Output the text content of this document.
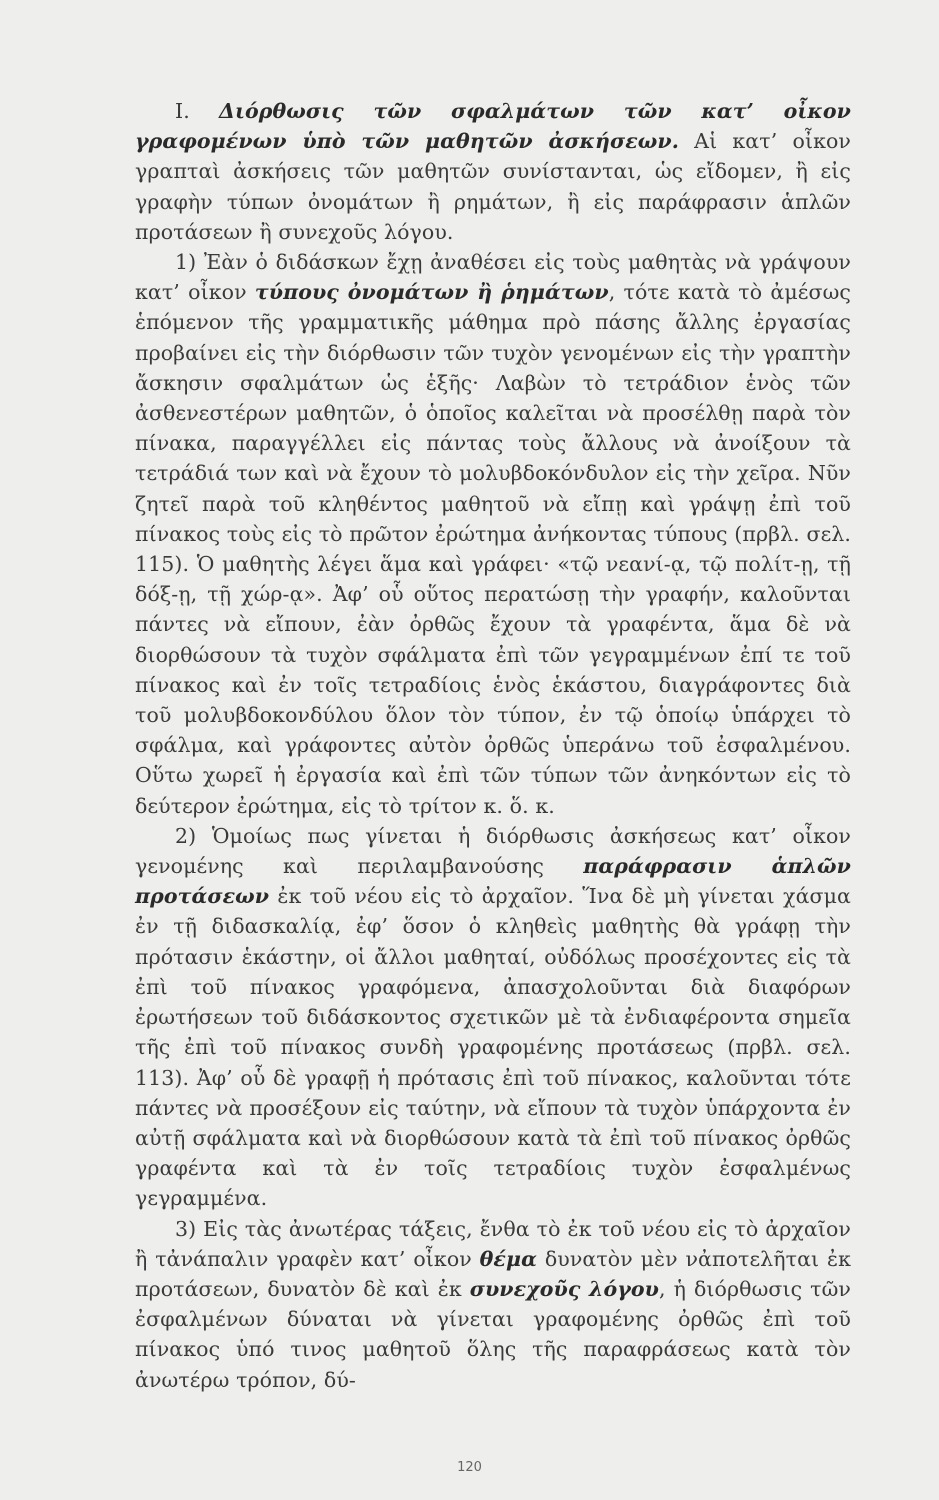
Ι. Διόρθωσις τῶν σφαλμάτων τῶν κατ’ οἶκον γραφομένων ὑπὸ τῶν μαθητῶν ἀσκήσεων. Αἱ κατ’ οἶκον γραπταὶ ἀσκήσεις τῶν μαθητῶν συνίστανται, ὡς εἴδομεν, ἢ εἰς γραφὴν τύπων ὀνομάτων ἢ ρημάτων, ἢ εἰς παράφρασιν ἁπλῶν προτάσεων ἢ συνεχοῦς λόγου.

1) Ἐὰν ὁ διδάσκων ἔχῃ ἀναθέσει εἰς τοὺς μαθητὰς νὰ γράψουν κατ’ οἶκον τύπους ὀνομάτων ἢ ῥημάτων, τότε κατὰ τὸ ἀμέσως ἑπόμενον τῆς γραμματικῆς μάθημα πρὸ πάσης ἄλλης ἐργασίας προβαίνει εἰς τὴν διόρθωσιν τῶν τυχὸν γενομένων εἰς τὴν γραπτὴν ἄσκησιν σφαλμάτων ὡς ἑξῆς· Λαβὼν τὸ τετράδιον ἑνὸς τῶν ἀσθενεστέρων μαθητῶν, ὁ ὁποῖος καλεῖται νὰ προσέλθῃ παρὰ τὸν πίνακα, παραγγέλλει εἰς πάντας τοὺς ἄλλους νὰ ἀνοίξουν τὰ τετράδιά των καὶ νὰ ἔχουν τὸ μολυβδοκόνδυλον εἰς τὴν χεῖρα. Νῦν ζητεῖ παρὰ τοῦ κληθέντος μαθητοῦ νὰ εἴπῃ καὶ γράψῃ ἐπὶ τοῦ πίνακος τοὺς εἰς τὸ πρῶτον ἐρώτημα ἀνήκοντας τύπους (πρβλ. σελ. 115). Ὁ μαθητὴς λέγει ἅμα καὶ γράφει· «τῷ νεανί-ᾳ, τῷ πολίτ-ῃ, τῇ δόξ-ῃ, τῇ χώρ-ᾳ». Ἀφ’ οὗ οὕτος περατώσῃ τὴν γραφήν, καλοῦνται πάντες νὰ εἴπουν, ἐὰν ὀρθῶς ἔχουν τὰ γραφέντα, ἅμα δὲ νὰ διορθώσουν τὰ τυχὸν σφάλματα ἐπὶ τῶν γεγραμμένων ἐπί τε τοῦ πίνακος καὶ ἐν τοῖς τετραδίοις ἑνὸς ἑκάστου, διαγράφοντες διὰ τοῦ μολυβδοκονδύλου ὅλον τὸν τύπον, ἐν τῷ ὁποίῳ ὑπάρχει τὸ σφάλμα, καὶ γράφοντες αὐτὸν ὀρθῶς ὑπεράνω τοῦ ἐσφαλμένου. Οὕτω χωρεῖ ἡ ἐργασία καὶ ἐπὶ τῶν τύπων τῶν ἀνηκόντων εἰς τὸ δεύτερον ἐρώτημα, εἰς τὸ τρίτον κ. ὅ. κ.

2) Ὁμοίως πως γίνεται ἡ διόρθωσις ἀσκήσεως κατ’ οἶκον γενομένης καὶ περιλαμβανούσης παράφρασιν ἁπλῶν προτάσεων ἐκ τοῦ νέου εἰς τὸ ἀρχαῖον. Ἵνα δὲ μὴ γίνεται χάσμα ἐν τῇ διδασκαλίᾳ, ἐφ’ ὅσον ὁ κληθεὶς μαθητὴς θὰ γράφῃ τὴν πρότασιν ἑκάστην, οἱ ἄλλοι μαθηταί, οὐδόλως προσέχοντες εἰς τὰ ἐπὶ τοῦ πίνακος γραφόμενα, ἀπασχολοῦνται διὰ διαφόρων ἐρωτήσεων τοῦ διδάσκοντος σχετικῶν μὲ τὰ ἐνδιαφέροντα σημεῖα τῆς ἐπὶ τοῦ πίνακος συνδὴ γραφομένης προτάσεως (πρβλ. σελ. 113). Ἀφ’ οὗ δὲ γραφῇ ἡ πρότασις ἐπὶ τοῦ πίνακος, καλοῦνται τότε πάντες νὰ προσέξουν εἰς ταύτην, νὰ εἴπουν τὰ τυχὸν ὑπάρχοντα ἐν αὐτῇ σφάλματα καὶ νὰ διορθώσουν κατὰ τὰ ἐπὶ τοῦ πίνακος ὀρθῶς γραφέντα καὶ τὰ ἐν τοῖς τετραδίοις τυχὸν ἐσφαλμένως γεγραμμένα.

3) Εἰς τὰς ἀνωτέρας τάξεις, ἔνθα τὸ ἐκ τοῦ νέου εἰς τὸ ἀρχαῖον ἢ τἀνάπαλιν γραφὲν κατ’ οἶκον θέμα δυνατὸν μὲν νἀποτελῆται ἐκ προτάσεων, δυνατὸν δὲ καὶ ἐκ συνεχοῦς λόγου, ἡ διόρθωσις τῶν ἐσφαλμένων δύναται νὰ γίνεται γραφομένης ὀρθῶς ἐπὶ τοῦ πίνακος ὑπό τινος μαθητοῦ ὅλης τῆς παραφράσεως κατὰ τὸν ἀνωτέρω τρόπον, δύ-

120
